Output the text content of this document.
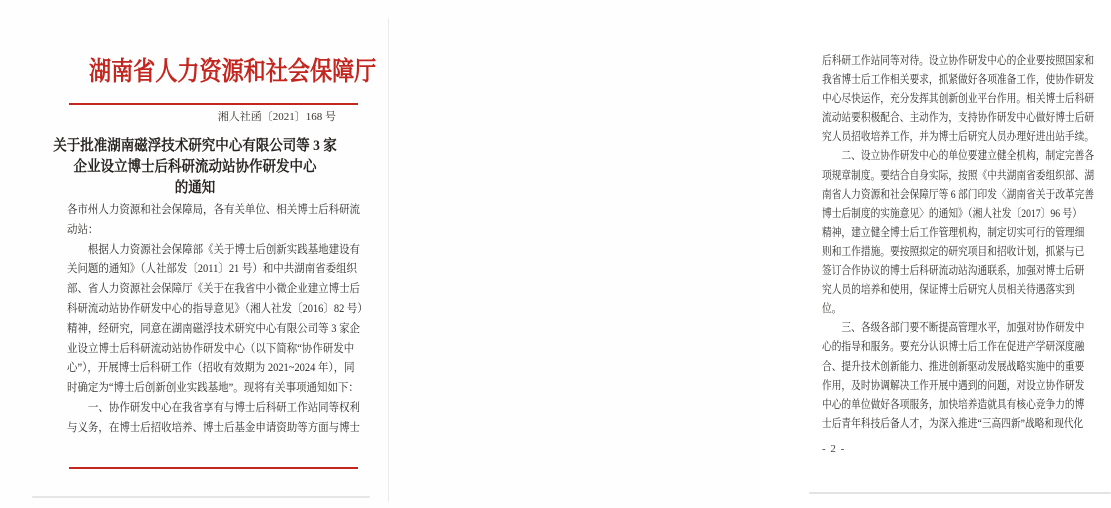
湖南省人力资源和社会保障厅
湘人社函〔2021〕168 号
关于批准湖南磁浮技术研究中心有限公司等 3 家
企业设立博士后科研流动站协作研发中心
的通知
各市州人力资源和社会保障局，各有关单位、相关博士后科研流
动站：
　　根据人力资源社会保障部《关于博士后创新实践基地建设有
关问题的通知》（人社部发〔2011〕21 号）和中共湖南省委组织
部、省人力资源社会保障厅《关于在我省中小微企业建立博士后
科研流动站协作研发中心的指导意见》（湘人社发〔2016〕82 号）
精神，经研究，同意在湖南磁浮技术研究中心有限公司等 3 家企
业设立博士后科研流动站协作研发中心（以下简称“协作研发中
心”），开展博士后科研工作（招收有效期为 2021~2024 年），同
时确定为“博士后创新创业实践基地”。现将有关事项通知如下：
　　一、协作研发中心在我省享有与博士后科研工作站同等权利
与义务，在博士后招收培养、博士后基金申请资助等方面与博士
后科研工作站同等对待。设立协作研发中心的企业要按照国家和
我省博士后工作相关要求，抓紧做好各项准备工作，使协作研发
中心尽快运作，充分发挥其创新创业平台作用。相关博士后科研
流动站要积极配合、主动作为，支持协作研发中心做好博士后研
究人员招收培养工作，并为博士后研究人员办理好进出站手续。
　　二、设立协作研发中心的单位要建立健全机构，制定完善各
项规章制度。要结合自身实际，按照《中共湖南省委组织部、湖
南省人力资源和社会保障厅等 6 部门印发〈湖南省关于改革完善
博士后制度的实施意见〉的通知》（湘人社发〔2017〕96 号）
精神，建立健全博士后工作管理机构，制定切实可行的管理细
则和工作措施。要按照拟定的研究项目和招收计划，抓紧与已
签订合作协议的博士后科研流动站沟通联系，加强对博士后研
究人员的培养和使用，保证博士后研究人员相关待遇落实到
位。
　　三、各级各部门要不断提高管理水平，加强对协作研发中
心的指导和服务。要充分认识博士后工作在促进产学研深度融
合、提升技术创新能力、推进创新驱动发展战略实施中的重要
作用，及时协调解决工作开展中遇到的问题，对设立协作研发
中心的单位做好各项服务，加快培养造就具有核心竞争力的博
士后青年科技后备人才，为深入推进“三高四新”战略和现代化
- 2 -
